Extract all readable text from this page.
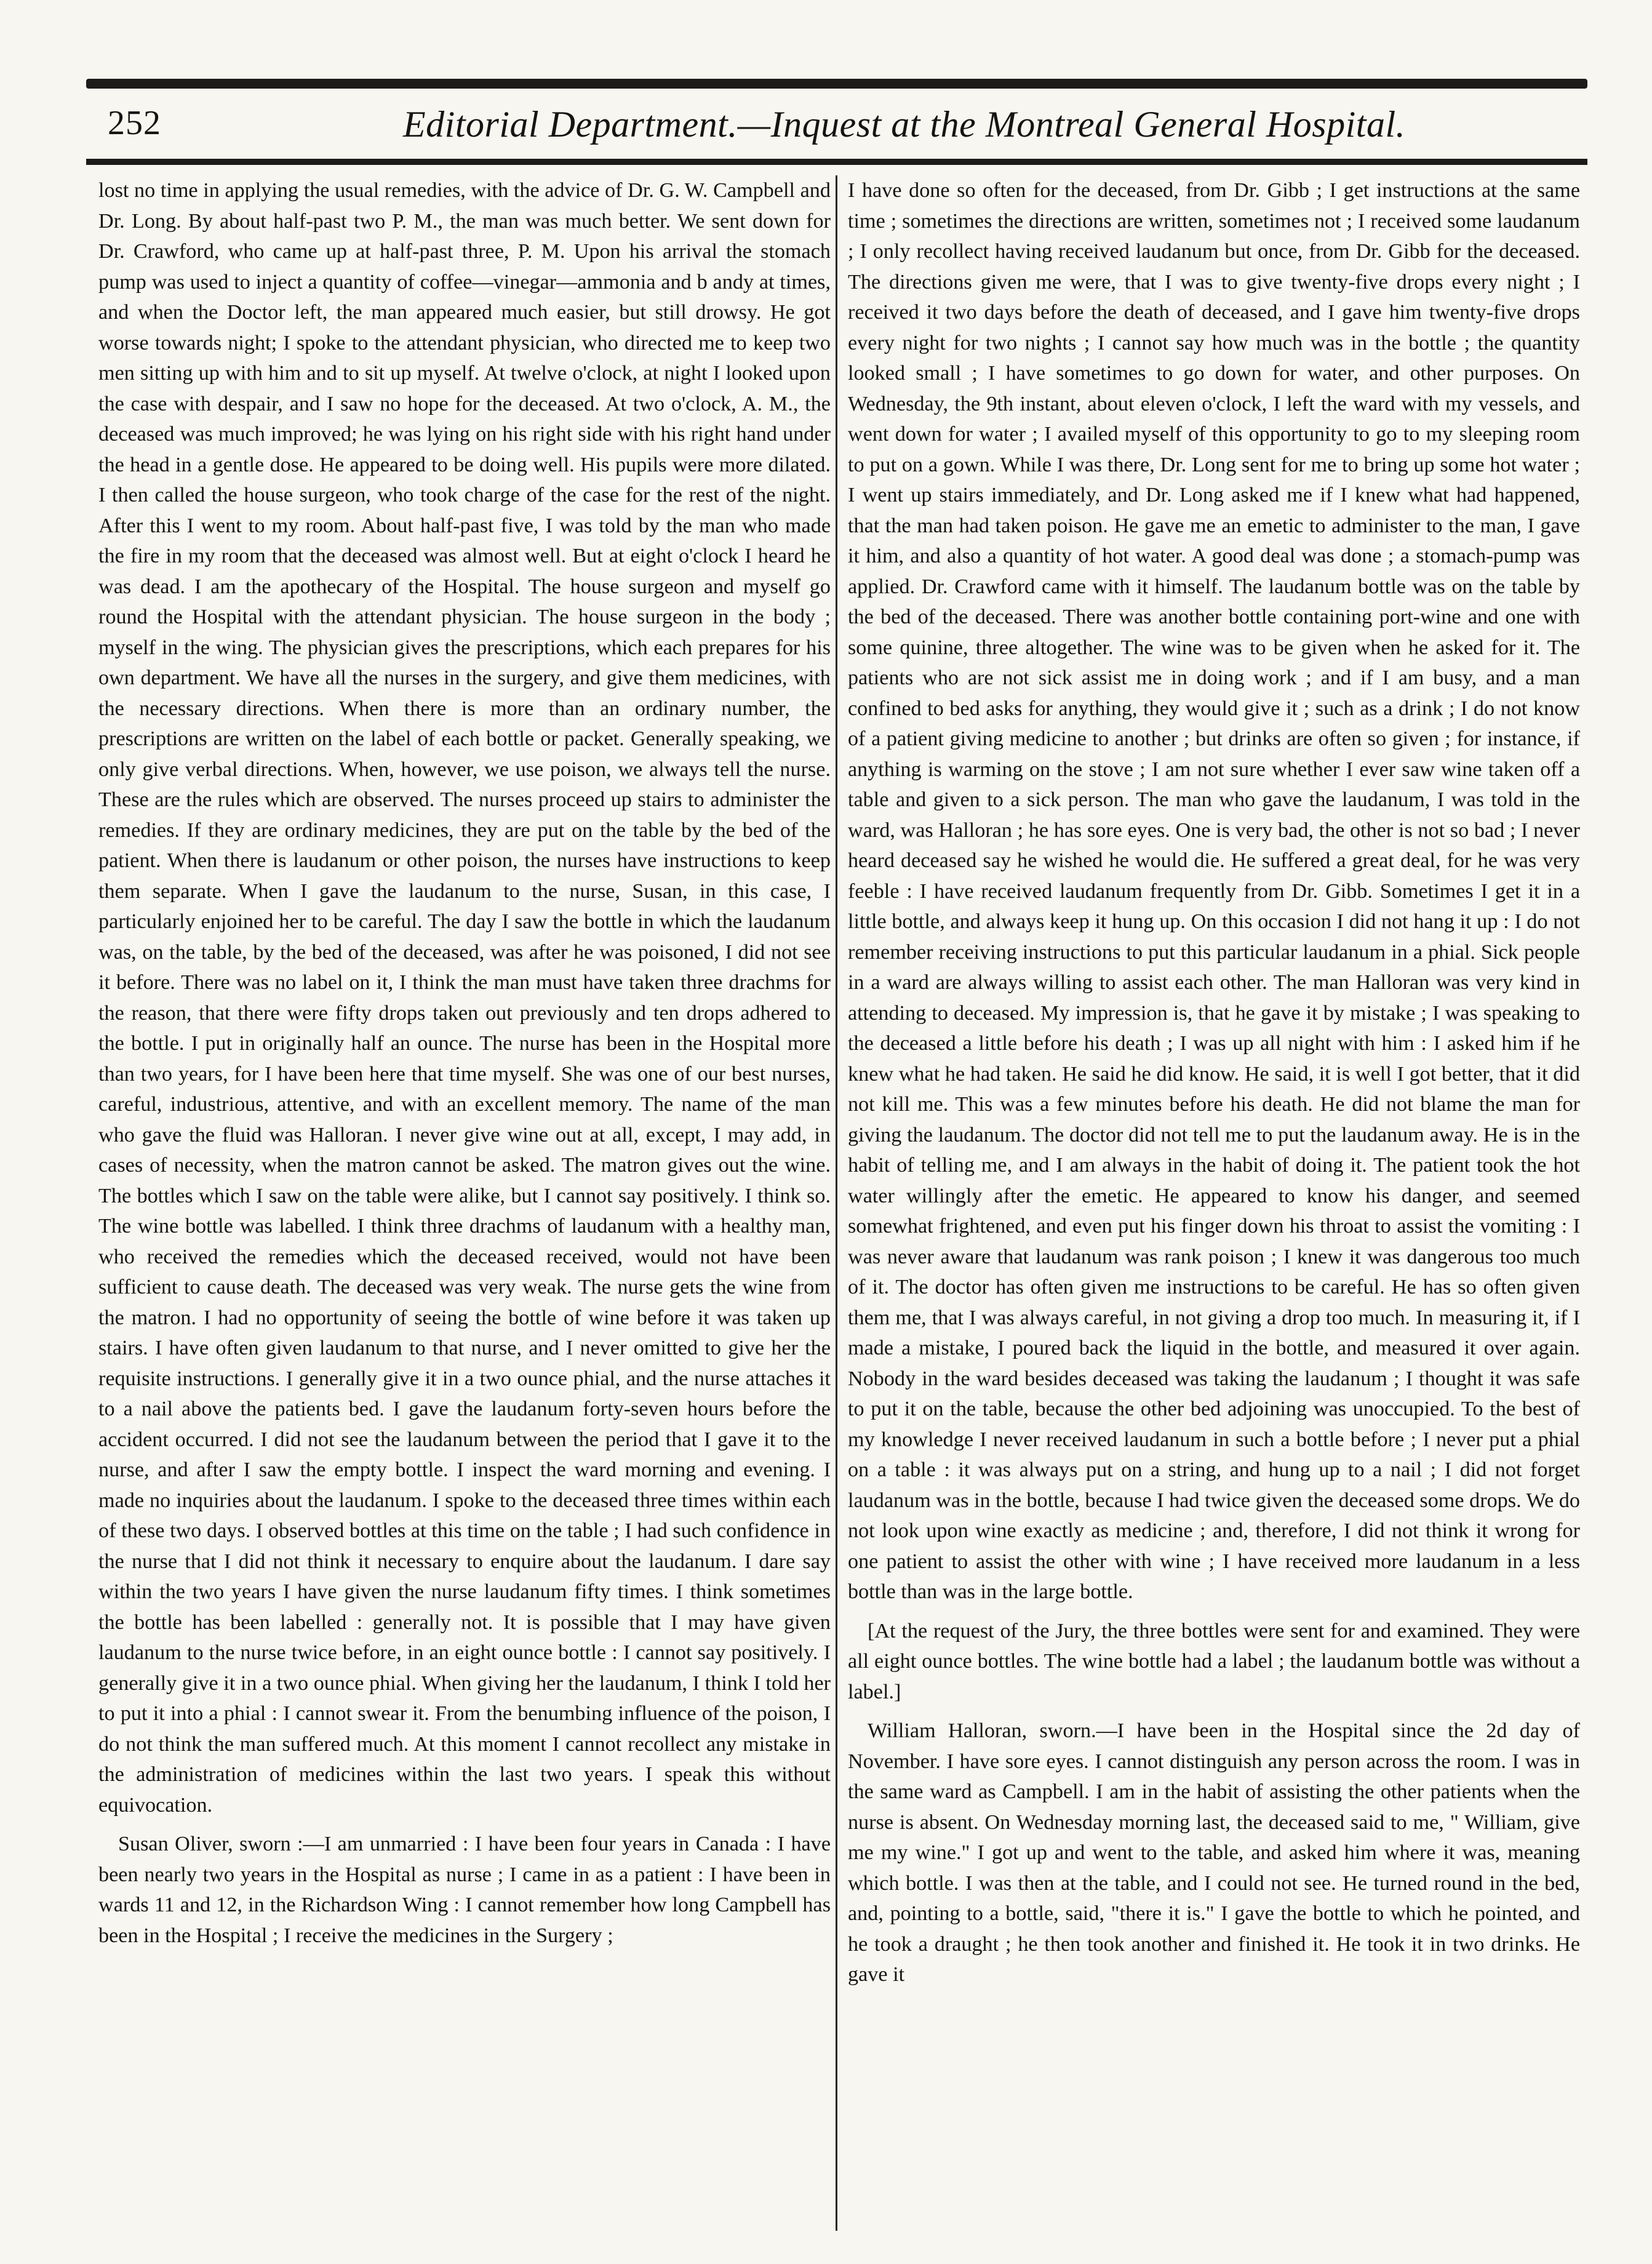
252	Editorial Department.—Inquest at the Montreal General Hospital.

lost no time in applying the usual remedies, with the advice of Dr. G. W. Campbell and Dr. Long. By about half-past two P. M., the man was much better. We sent down for Dr. Crawford, who came up at half-past three, P. M. Upon his arrival the stomach pump was used to inject a quantity of coffee—vinegar—ammonia and b andy at times, and when the Doctor left, the man appeared much easier, but still drowsy. He got worse towards night; I spoke to the attendant physician, who directed me to keep two men sitting up with him and to sit up myself. At twelve o'clock, at night I looked upon the case with despair, and I saw no hope for the deceased. At two o'clock, A. M., the deceased was much improved; he was lying on his right side with his right hand under the head in a gentle dose. He appeared to be doing well. His pupils were more dilated. I then called the house surgeon, who took charge of the case for the rest of the night. After this I went to my room. About half-past five, I was told by the man who made the fire in my room that the deceased was almost well. But at eight o'clock I heard he was dead. I am the apothecary of the Hospital. The house surgeon and myself go round the Hospital with the attendant physician. The house surgeon in the body ; myself in the wing. The physician gives the prescriptions, which each prepares for his own department. We have all the nurses in the surgery, and give them medicines, with the necessary directions. When there is more than an ordinary number, the prescriptions are written on the label of each bottle or packet. Generally speaking, we only give verbal directions. When, however, we use poison, we always tell the nurse. These are the rules which are observed. The nurses proceed up stairs to administer the remedies. If they are ordinary medicines, they are put on the table by the bed of the patient. When there is laudanum or other poison, the nurses have instructions to keep them separate. When I gave the laudanum to the nurse, Susan, in this case, I particularly enjoined her to be careful. The day I saw the bottle in which the laudanum was, on the table, by the bed of the deceased, was after he was poisoned, I did not see it before. There was no label on it, I think the man must have taken three drachms for the reason, that there were fifty drops taken out previously and ten drops adhered to the bottle. I put in originally half an ounce. The nurse has been in the Hospital more than two years, for I have been here that time myself. She was one of our best nurses, careful, industrious, attentive, and with an excellent memory. The name of the man who gave the fluid was Halloran. I never give wine out at all, except, I may add, in cases of necessity, when the matron cannot be asked. The matron gives out the wine. The bottles which I saw on the table were alike, but I cannot say positively. I think so. The wine bottle was labelled. I think three drachms of laudanum with a healthy man, who received the remedies which the deceased received, would not have been sufficient to cause death. The deceased was very weak. The nurse gets the wine from the matron. I had no opportunity of seeing the bottle of wine before it was taken up stairs. I have often given laudanum to that nurse, and I never omitted to give her the requisite instructions. I generally give it in a two ounce phial, and the nurse attaches it to a nail above the patients bed. I gave the laudanum forty-seven hours before the accident occurred. I did not see the laudanum between the period that I gave it to the nurse, and after I saw the empty bottle. I inspect the ward morning and evening. I made no inquiries about the laudanum. I spoke to the deceased three times within each of these two days. I observed bottles at this time on the table ; I had such confidence in the nurse that I did not think it necessary to enquire about the laudanum. I dare say within the two years I have given the nurse laudanum fifty times. I think sometimes the bottle has been labelled : generally not. It is possible that I may have given laudanum to the nurse twice before, in an eight ounce bottle : I cannot say positively. I generally give it in a two ounce phial. When giving her the laudanum, I think I told her to put it into a phial : I cannot swear it. From the benumbing influence of the poison, I do not think the man suffered much. At this moment I cannot recollect any mistake in the administration of medicines within the last two years. I speak this without equivocation.

Susan Oliver, sworn :—I am unmarried : I have been four years in Canada : I have been nearly two years in the Hospital as nurse ; I came in as a patient : I have been in wards 11 and 12, in the Richardson Wing : I cannot remember how long Campbell has been in the Hospital ; I receive the medicines in the Surgery ;

I have done so often for the deceased, from Dr. Gibb ; I get instructions at the same time ; sometimes the directions are written, sometimes not ; I received some laudanum ; I only recollect having received laudanum but once, from Dr. Gibb for the deceased. The directions given me were, that I was to give twenty-five drops every night ; I received it two days before the death of deceased, and I gave him twenty-five drops every night for two nights ; I cannot say how much was in the bottle ; the quantity looked small ; I have sometimes to go down for water, and other purposes. On Wednesday, the 9th instant, about eleven o'clock, I left the ward with my vessels, and went down for water ; I availed myself of this opportunity to go to my sleeping room to put on a gown. While I was there, Dr. Long sent for me to bring up some hot water ; I went up stairs immediately, and Dr. Long asked me if I knew what had happened, that the man had taken poison. He gave me an emetic to administer to the man, I gave it him, and also a quantity of hot water. A good deal was done ; a stomach-pump was applied. Dr. Crawford came with it himself. The laudanum bottle was on the table by the bed of the deceased. There was another bottle containing port-wine and one with some quinine, three altogether. The wine was to be given when he asked for it. The patients who are not sick assist me in doing work ; and if I am busy, and a man confined to bed asks for anything, they would give it ; such as a drink ; I do not know of a patient giving medicine to another ; but drinks are often so given ; for instance, if anything is warming on the stove ; I am not sure whether I ever saw wine taken off a table and given to a sick person. The man who gave the laudanum, I was told in the ward, was Halloran ; he has sore eyes. One is very bad, the other is not so bad ; I never heard deceased say he wished he would die. He suffered a great deal, for he was very feeble : I have received laudanum frequently from Dr. Gibb. Sometimes I get it in a little bottle, and always keep it hung up. On this occasion I did not hang it up : I do not remember receiving instructions to put this particular laudanum in a phial. Sick people in a ward are always willing to assist each other. The man Halloran was very kind in attending to deceased. My impression is, that he gave it by mistake ; I was speaking to the deceased a little before his death ; I was up all night with him : I asked him if he knew what he had taken. He said he did know. He said, it is well I got better, that it did not kill me. This was a few minutes before his death. He did not blame the man for giving the laudanum. The doctor did not tell me to put the laudanum away. He is in the habit of telling me, and I am always in the habit of doing it. The patient took the hot water willingly after the emetic. He appeared to know his danger, and seemed somewhat frightened, and even put his finger down his throat to assist the vomiting : I was never aware that laudanum was rank poison ; I knew it was dangerous too much of it. The doctor has often given me instructions to be careful. He has so often given them me, that I was always careful, in not giving a drop too much. In measuring it, if I made a mistake, I poured back the liquid in the bottle, and measured it over again. Nobody in the ward besides deceased was taking the laudanum ; I thought it was safe to put it on the table, because the other bed adjoining was unoccupied. To the best of my knowledge I never received laudanum in such a bottle before ; I never put a phial on a table : it was always put on a string, and hung up to a nail ; I did not forget laudanum was in the bottle, because I had twice given the deceased some drops. We do not look upon wine exactly as medicine ; and, therefore, I did not think it wrong for one patient to assist the other with wine ; I have received more laudanum in a less bottle than was in the large bottle.

[At the request of the Jury, the three bottles were sent for and examined. They were all eight ounce bottles. The wine bottle had a label ; the laudanum bottle was without a label.]

William Halloran, sworn.—I have been in the Hospital since the 2d day of November. I have sore eyes. I cannot distinguish any person across the room. I was in the same ward as Campbell. I am in the habit of assisting the other patients when the nurse is absent. On Wednesday morning last, the deceased said to me, " William, give me my wine." I got up and went to the table, and asked him where it was, meaning which bottle. I was then at the table, and I could not see. He turned round in the bed, and, pointing to a bottle, said, "there it is." I gave the bottle to which he pointed, and he took a draught ; he then took another and finished it. He took it in two drinks. He gave it
